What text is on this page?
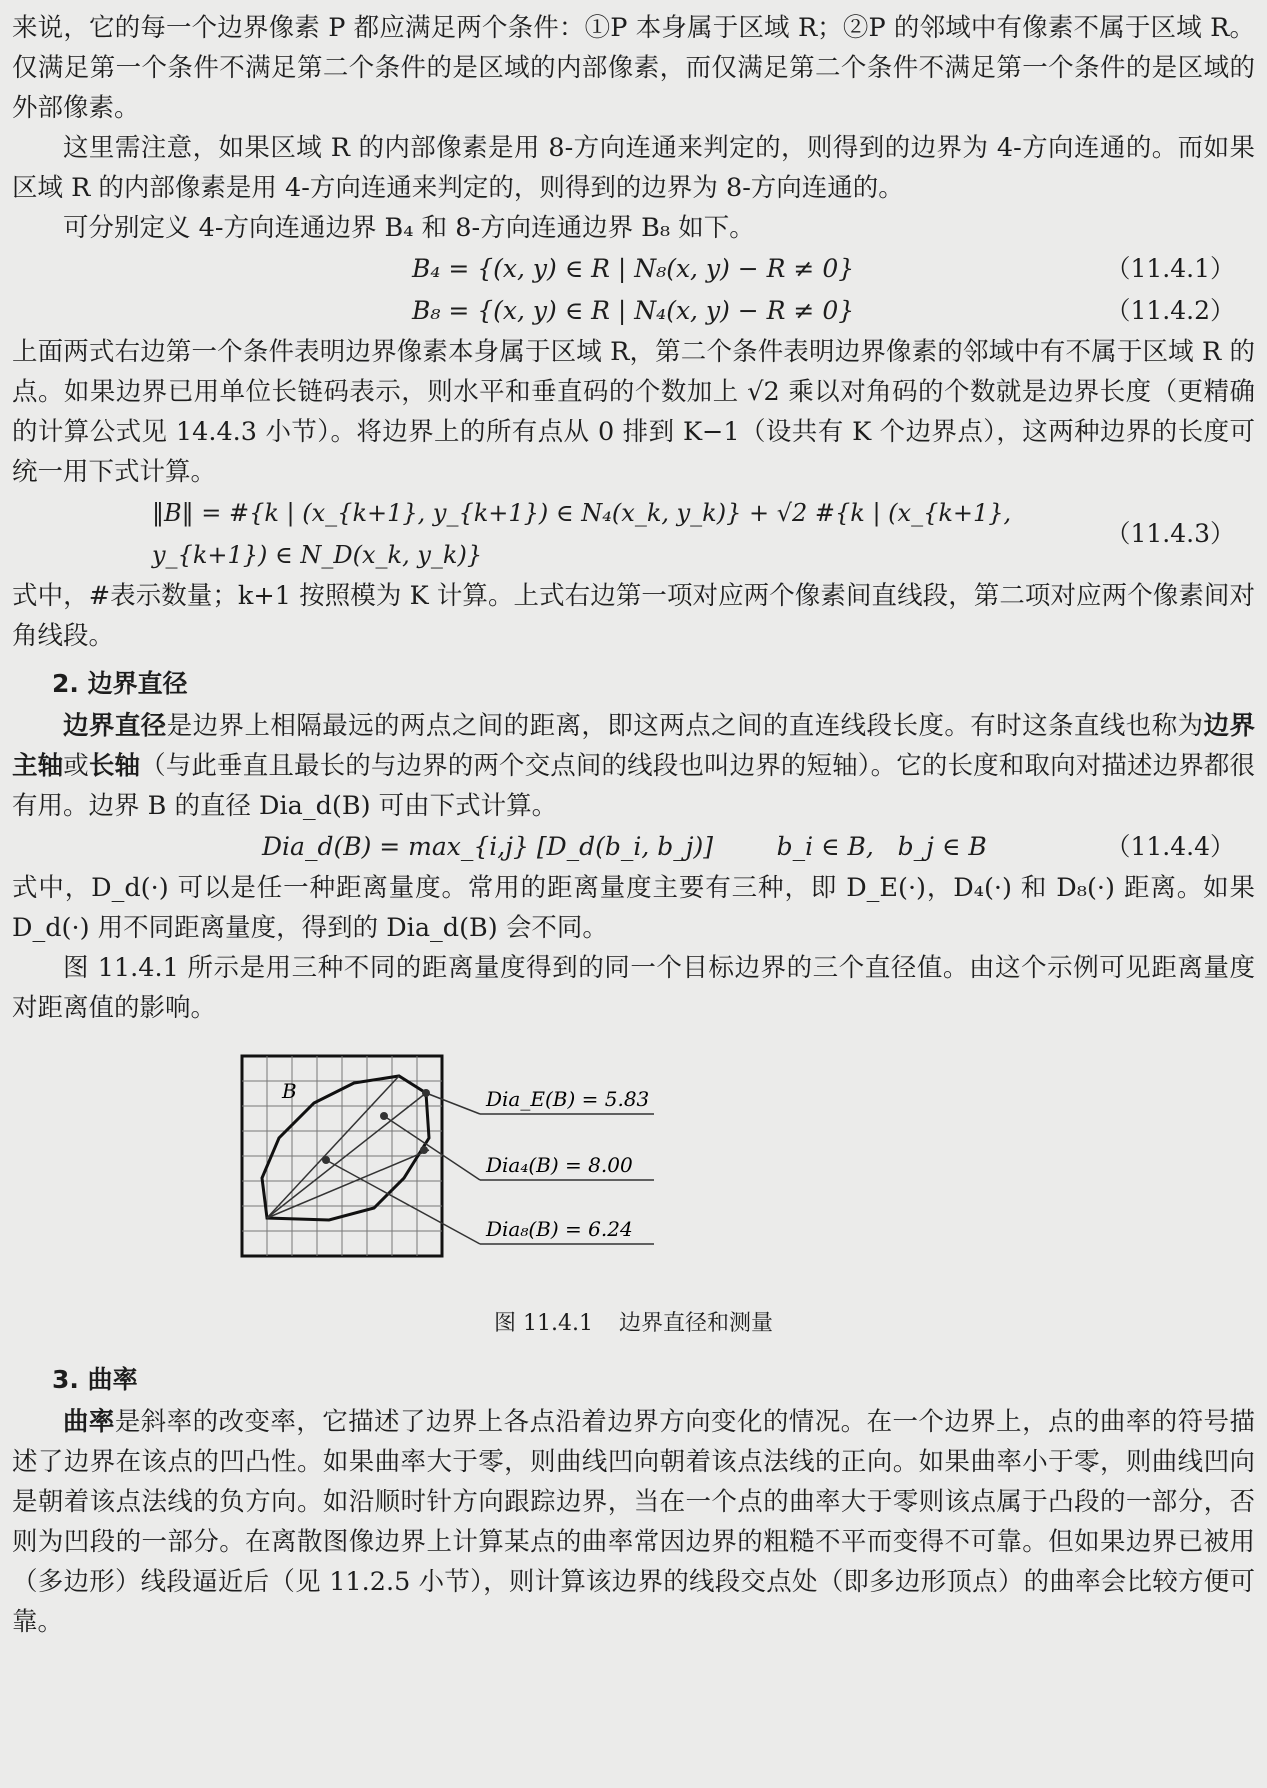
来说，它的每一个边界像素 P 都应满足两个条件：①P 本身属于区域 R；②P 的邻域中有像素不属于区域 R。仅满足第一个条件不满足第二个条件的是区域的内部像素，而仅满足第二个条件不满足第一个条件的是区域的外部像素。

这里需注意，如果区域 R 的内部像素是用 8-方向连通来判定的，则得到的边界为 4-方向连通的。而如果区域 R 的内部像素是用 4-方向连通来判定的，则得到的边界为 8-方向连通的。

可分别定义 4-方向连通边界 B₄ 和 8-方向连通边界 B₈ 如下。

B₄ = {(x, y) ∈ R | N₈(x, y) − R ≠ 0}	（11.4.1）
B₈ = {(x, y) ∈ R | N₄(x, y) − R ≠ 0}	（11.4.2）

上面两式右边第一个条件表明边界像素本身属于区域 R，第二个条件表明边界像素的邻域中有不属于区域 R 的点。如果边界已用单位长链码表示，则水平和垂直码的个数加上 √2 乘以对角码的个数就是边界长度（更精确的计算公式见 14.4.3 小节）。将边界上的所有点从 0 排到 K−1（设共有 K 个边界点），这两种边界的长度可统一用下式计算。

‖B‖ = #{k | (x_{k+1}, y_{k+1}) ∈ N₄(x_k, y_k)} + √2 #{k | (x_{k+1}, y_{k+1}) ∈ N_D(x_k, y_k)}
（11.4.3）

式中，#表示数量；k+1 按照模为 K 计算。上式右边第一项对应两个像素间直线段，第二项对应两个像素间对角线段。

2. 边界直径

边界直径是边界上相隔最远的两点之间的距离，即这两点之间的直连线段长度。有时这条直线也称为边界主轴或长轴（与此垂直且最长的与边界的两个交点间的线段也叫边界的短轴）。它的长度和取向对描述边界都很有用。边界 B 的直径 Dia_d(B) 可由下式计算。

Dia_d(B) = max_{i,j} [D_d(b_i, b_j)]        b_i ∈ B,   b_j ∈ B	（11.4.4）

式中，D_d(·) 可以是任一种距离量度。常用的距离量度主要有三种，即 D_E(·)，D₄(·) 和 D₈(·) 距离。如果 D_d(·) 用不同距离量度，得到的 Dia_d(B) 会不同。

图 11.4.1 所示是用三种不同的距离量度得到的同一个目标边界的三个直径值。由这个示例可见距离量度对距离值的影响。

B	Dia_E(B) = 5.83
Dia₄(B) = 8.00
Dia₈(B) = 6.24
图 11.4.1 边界直径和测量
3. 曲率

曲率是斜率的改变率，它描述了边界上各点沿着边界方向变化的情况。在一个边界上，点的曲率的符号描述了边界在该点的凹凸性。如果曲率大于零，则曲线凹向朝着该点法线的正向。如果曲率小于零，则曲线凹向是朝着该点法线的负方向。如沿顺时针方向跟踪边界，当在一个点的曲率大于零则该点属于凸段的一部分，否则为凹段的一部分。在离散图像边界上计算某点的曲率常因边界的粗糙不平而变得不可靠。但如果边界已被用（多边形）线段逼近后（见 11.2.5 小节），则计算该边界的线段交点处（即多边形顶点）的曲率会比较方便可靠。
